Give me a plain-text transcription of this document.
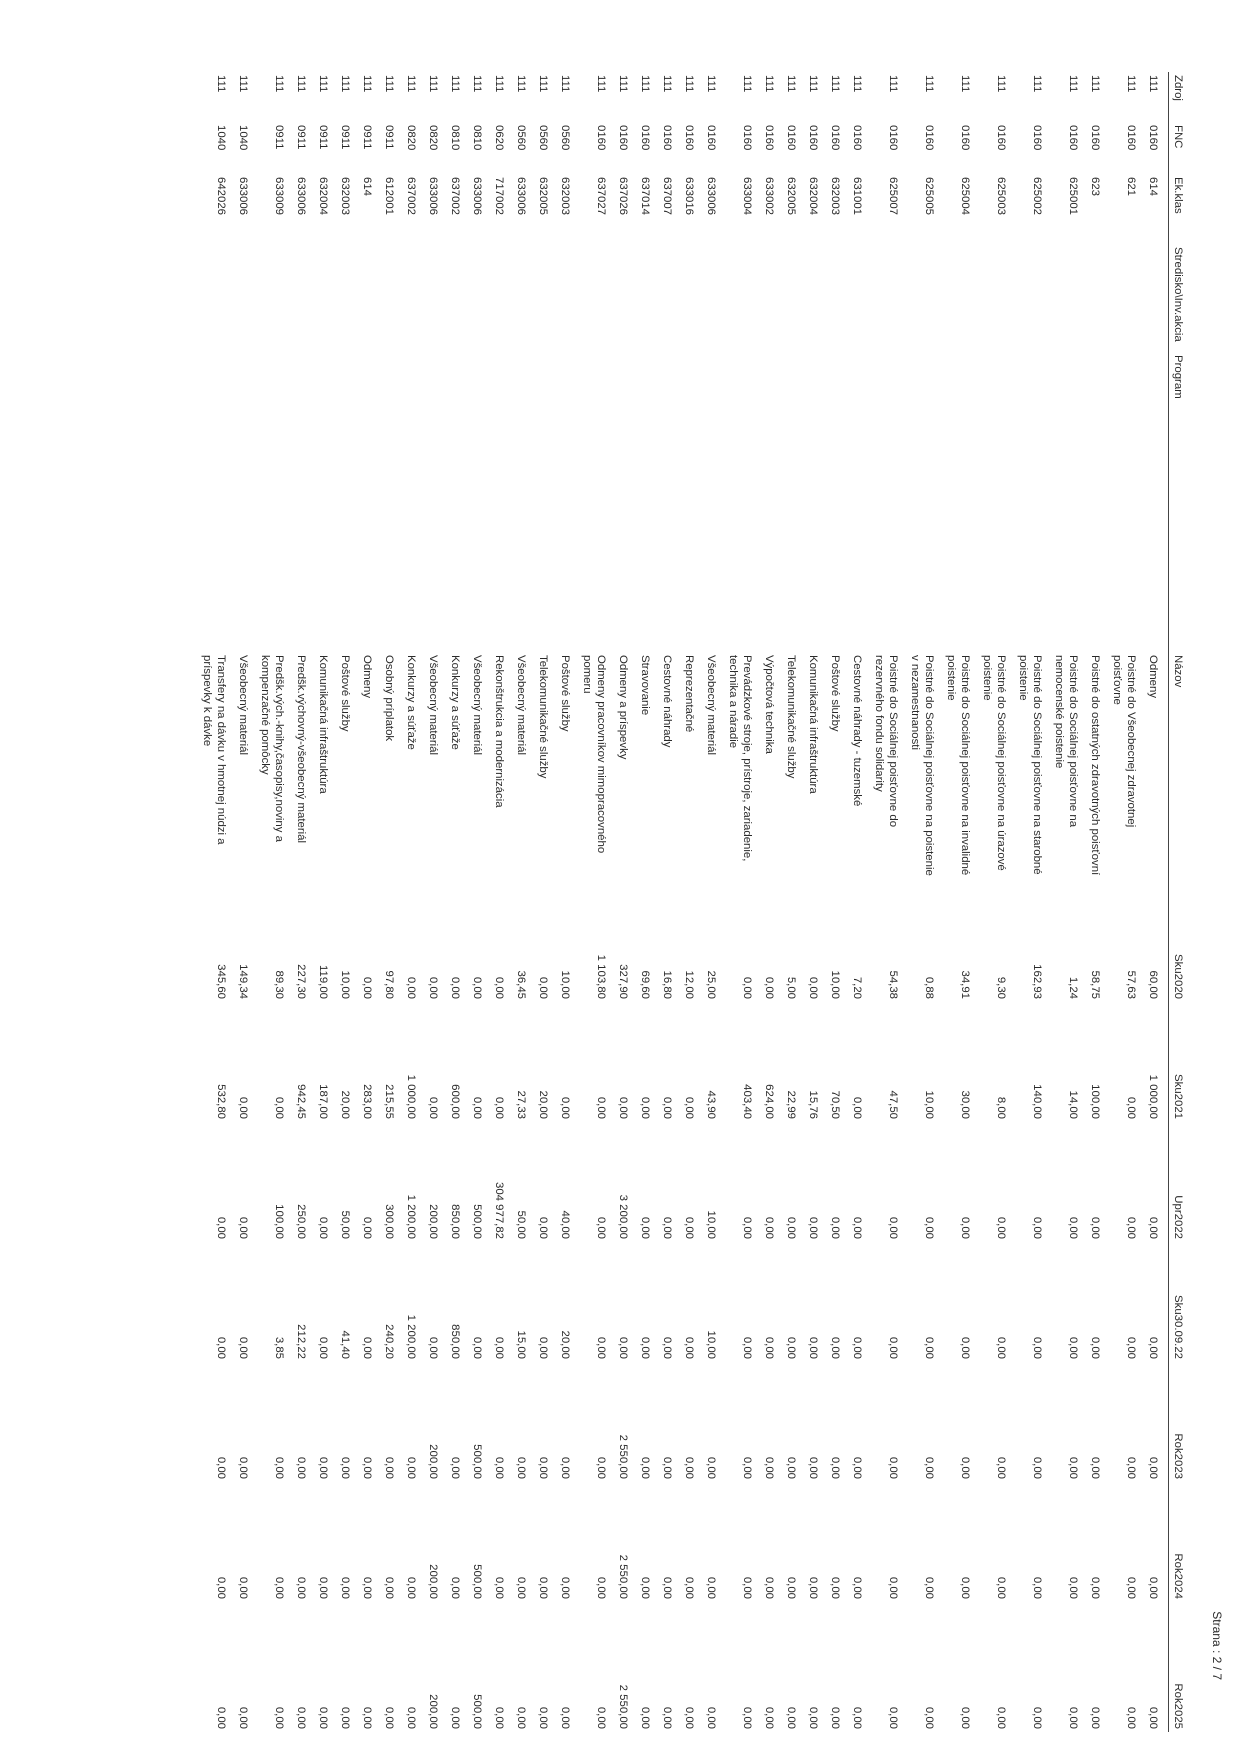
Strana : 2 / 7
Zdroj	FNC	Ek.klas	Stredisko\Inv.akcia	Program	Názov	Sku2020	Sku2021	Upr2022	Sku30.09.22	Rok2023	Rok2024	Rok2025
111	0160	614			Odmeny	60,00	1 000,00	0,00	0,00	0,00	0,00	0,00
111	0160	621			Poistné do Všeobecnej zdravotnej poisťovne	57,63	0,00	0,00	0,00	0,00	0,00	0,00
111	0160	623			Poistné do ostatných zdravotných poisťovní	58,75	100,00	0,00	0,00	0,00	0,00	0,00
111	0160	625001			Poistné do Sociálnej poisťovne na nemocenské poistenie	1,24	14,00	0,00	0,00	0,00	0,00	0,00
111	0160	625002			Poistné do Sociálnej poisťovne na starobné poistenie	162,93	140,00	0,00	0,00	0,00	0,00	0,00
111	0160	625003			Poistné do Sociálnej poisťovne na úrazové poistenie	9,30	8,00	0,00	0,00	0,00	0,00	0,00
111	0160	625004			Poistné do Sociálnej poisťovne na invalidné poistenie	34,91	30,00	0,00	0,00	0,00	0,00	0,00
111	0160	625005			Poistné do Sociálnej poisťovne na poistenie v nezamestnanosti	0,88	10,00	0,00	0,00	0,00	0,00	0,00
111	0160	625007			Poistné do Sociálnej poisťovne do rezervného fondu solidarity	54,38	47,50	0,00	0,00	0,00	0,00	0,00
111	0160	631001			Cestovné náhrady - tuzemské	7,20	0,00	0,00	0,00	0,00	0,00	0,00
111	0160	632003			Poštové služby	10,00	70,50	0,00	0,00	0,00	0,00	0,00
111	0160	632004			Komunikačná infraštruktúra	0,00	15,76	0,00	0,00	0,00	0,00	0,00
111	0160	632005			Telekomunikačné služby	5,00	22,99	0,00	0,00	0,00	0,00	0,00
111	0160	633002			Výpočtová technika	0,00	624,00	0,00	0,00	0,00	0,00	0,00
111	0160	633004			Prevádzkové stroje, prístroje, zariadenie, technika a náradie	0,00	403,40	0,00	0,00	0,00	0,00	0,00
111	0160	633006			Všeobecný materiál	25,00	43,90	10,00	10,00	0,00	0,00	0,00
111	0160	633016			Reprezentačné	12,00	0,00	0,00	0,00	0,00	0,00	0,00
111	0160	637007			Cestovné náhrady	16,80	0,00	0,00	0,00	0,00	0,00	0,00
111	0160	637014			Stravovanie	69,60	0,00	0,00	0,00	0,00	0,00	0,00
111	0160	637026			Odmeny a príspevky	327,90	0,00	3 200,00	0,00	2 550,00	2 550,00	2 550,00
111	0160	637027			Odmeny pracovníkov mimopracovného pomeru	1 103,80	0,00	0,00	0,00	0,00	0,00	0,00
111	0560	632003			Poštové služby	10,00	0,00	40,00	20,00	0,00	0,00	0,00
111	0560	632005			Telekomunikačné služby	0,00	20,00	0,00	0,00	0,00	0,00	0,00
111	0560	633006			Všeobecný materiál	36,45	27,33	50,00	15,00	0,00	0,00	0,00
111	0620	717002			Rekonštrukcia a modernizácia	0,00	0,00	304 977,82	0,00	0,00	0,00	0,00
111	0810	633006			Všeobecný materiál	0,00	0,00	500,00	0,00	500,00	500,00	500,00
111	0810	637002			Konkurzy a súťaže	0,00	600,00	850,00	850,00	0,00	0,00	0,00
111	0820	633006			Všeobecný materiál	0,00	0,00	200,00	0,00	200,00	200,00	200,00
111	0820	637002			Konkurzy a súťaže	0,00	1 000,00	1 200,00	1 200,00	0,00	0,00	0,00
111	0911	612001			Osobný príplatok	97,80	215,55	300,00	240,20	0,00	0,00	0,00
111	0911	614			Odmeny	0,00	283,00	0,00	0,00	0,00	0,00	0,00
111	0911	632003			Poštové služby	10,00	20,00	50,00	41,40	0,00	0,00	0,00
111	0911	632004			Komunikačná infraštruktúra	119,00	187,00	0,00	0,00	0,00	0,00	0,00
111	0911	633006			Predšk.výchovný-všeobecný materiál	227,30	942,45	250,00	212,22	0,00	0,00	0,00
111	0911	633009			Predšk.vých.-knihy,časopisy,noviny a kompenzačné pomôcky	89,30	0,00	100,00	3,85	0,00	0,00	0,00
111	1040	633006			Všeobecný materiál	149,34	0,00	0,00	0,00	0,00	0,00	0,00
111	1040	642026			Transfery na dávku v hmotnej núdzi a príspevky k dávke	345,60	532,80	0,00	0,00	0,00	0,00	0,00
